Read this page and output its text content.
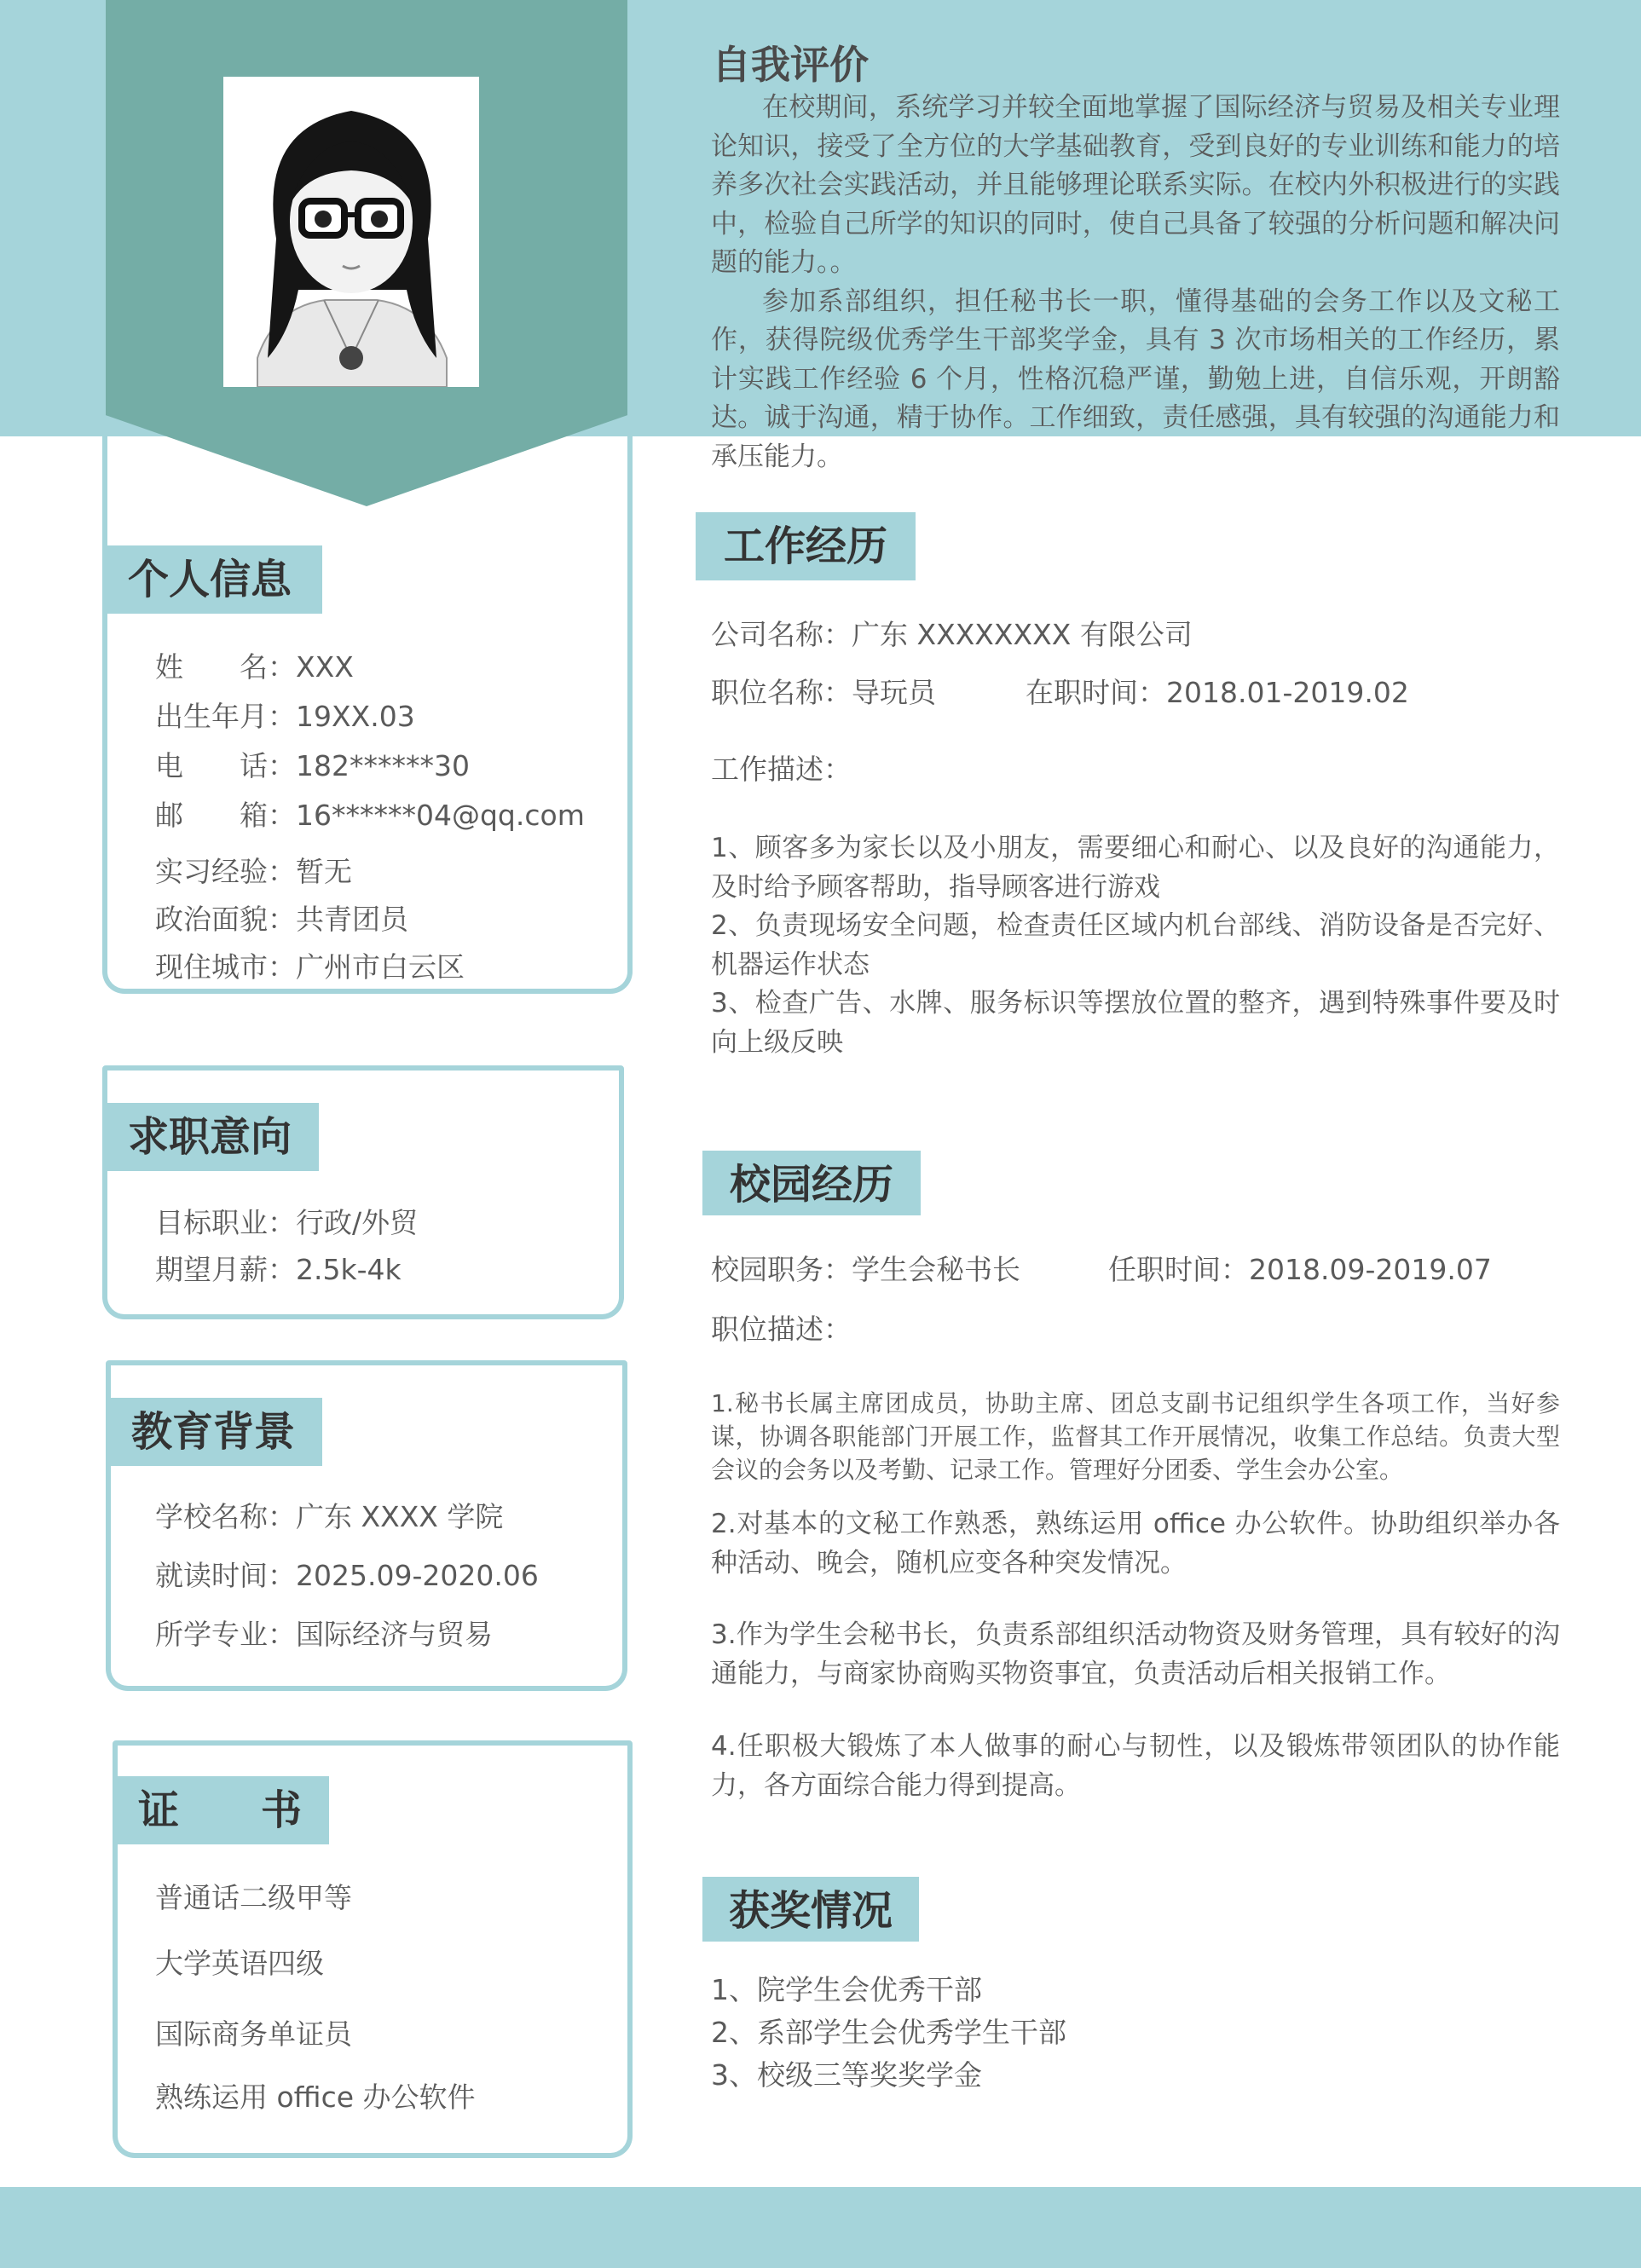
自我评价

在校期间，系统学习并较全面地掌握了国际经济与贸易及相关专业理论知识，接受了全方位的大学基础教育，受到良好的专业训练和能力的培养多次社会实践活动，并且能够理论联系实际。在校内外积极进行的实践中，检验自己所学的知识的同时，使自己具备了较强的分析问题和解决问题的能力。。

参加系部组织，担任秘书长一职，懂得基础的会务工作以及文秘工作，获得院级优秀学生干部奖学金，具有 3 次市场相关的工作经历，累计实践工作经验 6 个月，性格沉稳严谨，勤勉上进，自信乐观，开朗豁达。诚于沟通，精于协作。工作细致，责任感强，具有较强的沟通能力和承压能力。

个人信息
姓　　名：XXX
出生年月：19XX.03
电　　话：182******30
邮　　箱：16******04@qq.com
实习经验：暂无
政治面貌：共青团员
现住城市：广州市白云区
求职意向
目标职业：行政/外贸
期望月薪：2.5k-4k
教育背景
学校名称：广东 XXXX 学院
就读时间：2025.09-2020.06
所学专业：国际经济与贸易
证　　书
普通话二级甲等
大学英语四级
国际商务单证员
熟练运用 office 办公软件
工作经历
公司名称：广东 XXXXXXXX 有限公司
职位名称：导玩员	在职时间：2018.01-2019.02
工作描述：
1、顾客多为家长以及小朋友，需要细心和耐心、以及良好的沟通能力，及时给予顾客帮助，指导顾客进行游戏
2、负责现场安全问题，检查责任区域内机台部线、消防设备是否完好、机器运作状态
3、检查广告、水牌、服务标识等摆放位置的整齐，遇到特殊事件要及时向上级反映
校园经历
校园职务：学生会秘书长	任职时间：2018.09-2019.07
职位描述：
1.秘书长属主席团成员，协助主席、团总支副书记组织学生各项工作，当好参谋，协调各职能部门开展工作，监督其工作开展情况，收集工作总结。负责大型会议的会务以及考勤、记录工作。管理好分团委、学生会办公室。
2.对基本的文秘工作熟悉，熟练运用 office 办公软件。协助组织举办各种活动、晚会，随机应变各种突发情况。
3.作为学生会秘书长，负责系部组织活动物资及财务管理，具有较好的沟通能力，与商家协商购买物资事宜，负责活动后相关报销工作。
4.任职极大锻炼了本人做事的耐心与韧性，以及锻炼带领团队的协作能力，各方面综合能力得到提高。
获奖情况
1、院学生会优秀干部
2、系部学生会优秀学生干部
3、校级三等奖奖学金
